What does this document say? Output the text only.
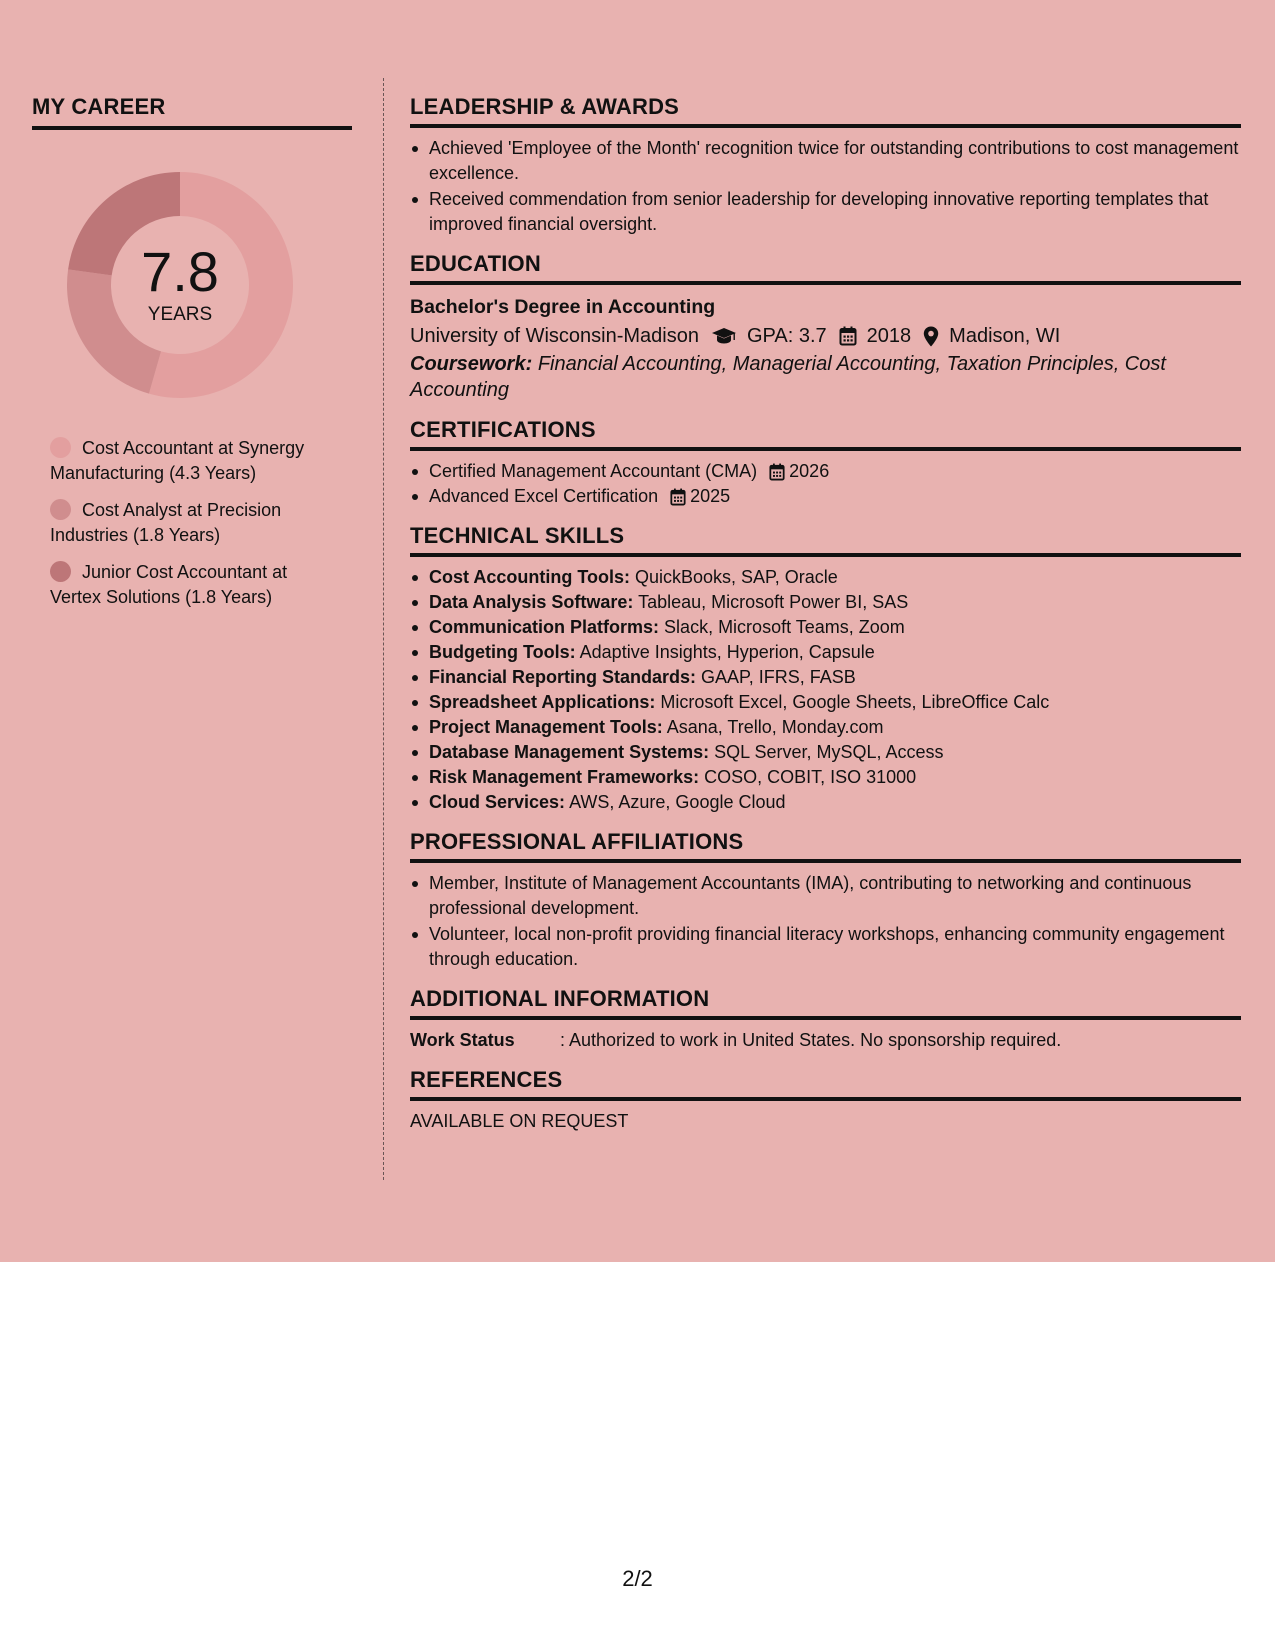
MY CAREER
7.8
YEARS
Cost Accountant at Synergy Manufacturing (4.3 Years)
Cost Analyst at Precision Industries (1.8 Years)
Junior Cost Accountant at Vertex Solutions (1.8 Years)
LEADERSHIP & AWARDS
Achieved 'Employee of the Month' recognition twice for outstanding contributions to cost management excellence.
Received commendation from senior leadership for developing innovative reporting templates that improved financial oversight.
EDUCATION
Bachelor's Degree in Accounting
University of Wisconsin-Madison GPA: 3.7 2018 Madison, WI
Coursework: Financial Accounting, Managerial Accounting, Taxation Principles, Cost Accounting
CERTIFICATIONS
Certified Management Accountant (CMA) 2026
Advanced Excel Certification 2025
TECHNICAL SKILLS
Cost Accounting Tools: QuickBooks, SAP, Oracle
Data Analysis Software: Tableau, Microsoft Power BI, SAS
Communication Platforms: Slack, Microsoft Teams, Zoom
Budgeting Tools: Adaptive Insights, Hyperion, Capsule
Financial Reporting Standards: GAAP, IFRS, FASB
Spreadsheet Applications: Microsoft Excel, Google Sheets, LibreOffice Calc
Project Management Tools: Asana, Trello, Monday.com
Database Management Systems: SQL Server, MySQL, Access
Risk Management Frameworks: COSO, COBIT, ISO 31000
Cloud Services: AWS, Azure, Google Cloud
PROFESSIONAL AFFILIATIONS
Member, Institute of Management Accountants (IMA), contributing to networking and continuous professional development.
Volunteer, local non-profit providing financial literacy workshops, enhancing community engagement through education.
ADDITIONAL INFORMATION
Work Status	: Authorized to work in United States. No sponsorship required.
REFERENCES
AVAILABLE ON REQUEST
2/2
